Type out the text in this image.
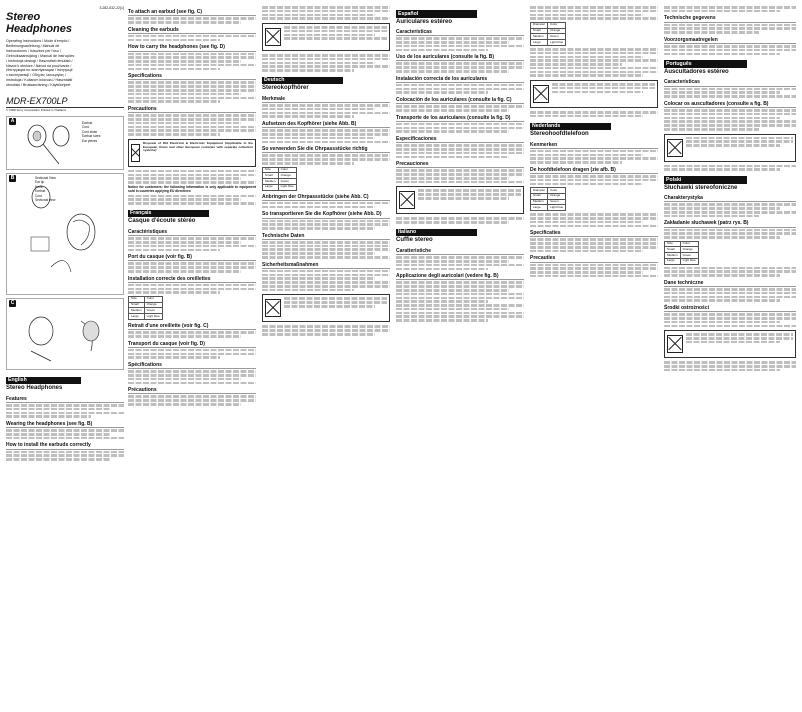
3-282-532-22(1)
Stereo
Headphones
Operating Instructions / Mode d'emploi /
Bedienungsanleitung / Manual de
instrucciones / Istruzioni per l'uso /
Gebruiksaanwijzing / Manual de instruções
/ Instrukcja obsługi / Használati útmutató /
Návod k obsluze / Návod na používanie /
Инструкция по эксплуатации / Інструкції
з експлуатації / Οδηγίες λειτουργίας /
Instrukcja / Kullanım kılavuzu / Használati
útmutató / Bruksanvisning / Käyttöohjeet
MDR-EX700LP
© 2008 Sony Corporation Printed in Thailand
A	Earbud
Cord
Cord slider
Earbud sizes
Ear pieces
B	Sectional View
Ear tip
Hook
Earbud
Cord
Sectional view
C
English
Stereo Headphones
Features
Wearing the headphones (see fig. B)
How to install the earbuds correctly
To attach an earbud (see fig. C)
Cleaning the earbuds
How to carry the headphones (see fig. D)
Specifications
Precautions
Disposal of Old Electrical & Electronic Equipment (Applicable in the European Union and other European countries with separate collection systems)
Notice for customers: the following information is only applicable to equipment sold in countries applying EU directives
Français
Casque d'écoute stéréo
Caractéristiques
Port du casque (voir fig. B)
Installation correcte des oreillettes
Size	Color
Small	Orange
Medium	Green
Large	Light blue
Retrait d'une oreillette (voir fig. C)
Transport du casque (voir fig. D)
Spécifications
Précautions
Deutsch
Stereokopfhörer
Merkmale
Aufsetzen des Kopfhörer (siehe Abb. B)
So verwenden Sie die Ohrpassstücke richtig
Size	Color
Small	Orange
Medium	Green
Large	Light blue
Anbringen der Ohrpassstücke (siehe Abb. C)
So transportieren Sie die Kopfhörer (siehe Abb. D)
Technische Daten
Sicherheitsmaßnahmen
Español
Auriculares estéreo
Características
Uso de los auriculares (consulte la fig. B)
Instalación correcta de los auriculares
Colocación de los auriculares (consulte la fig. C)
Transporte de los auriculares (consulte la fig. D)
Especificaciones
Precauciones
Italiano
Cuffie stereo
Caratteristiche
Applicazione degli auricolari (vedere fig. B)
Diameter	Color
Small	Orange
Medium	Green
Large	Light blue
Nederlands
Stereohoofdtelefoon
Kenmerken
De hoofdtelefoon dragen (zie afb. B)
Diameter	Color
Small	Orange
Medium	Green
Large	Light blue
Specificaties
Precauties
Technische gegevens
Voorzorgsmaatregelen
Português
Auscultadores estéreo
Características
Colocar os auscultadores (consulte a fig. B)
Polski
Słuchawki stereofoniczne
Charakterystyka
Zakładanie słuchawek (patrz rys. B)
Size	Color
Small	Orange
Medium	Green
Large	Light blue
Dane techniczne
Środki ostrożności
